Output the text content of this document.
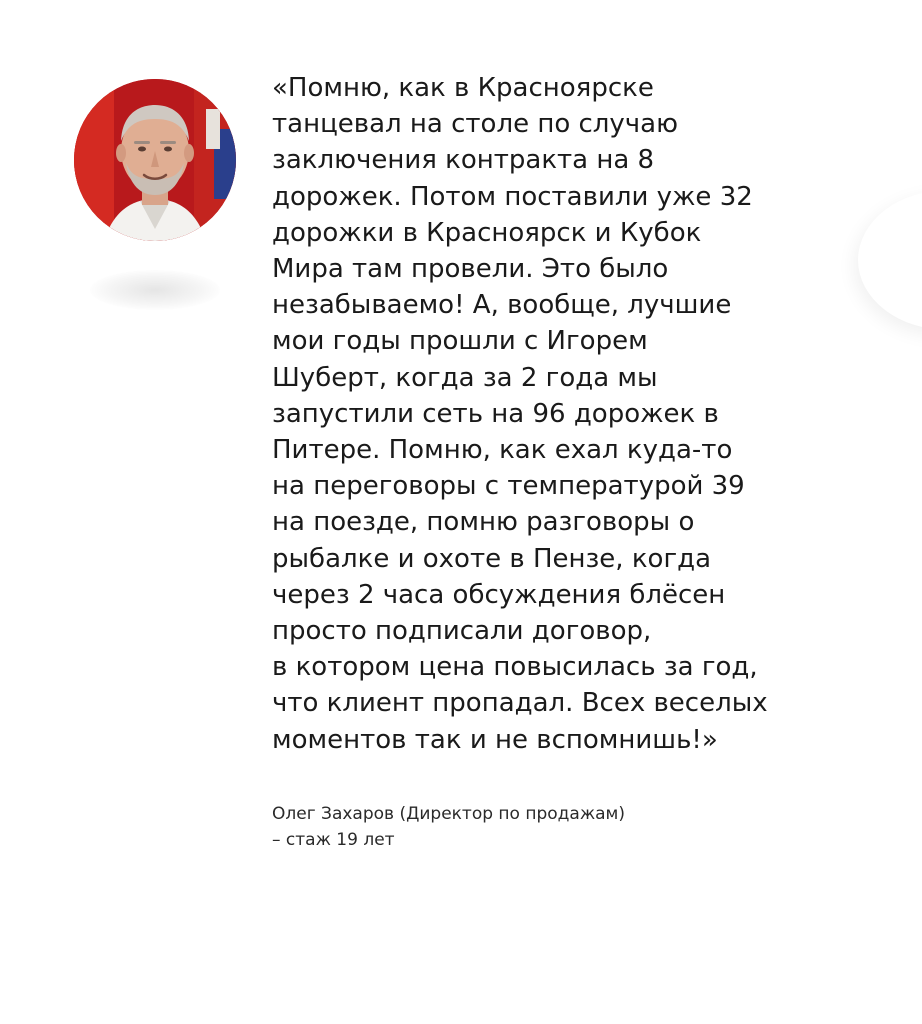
«Помню, как в Красноярске
танцевал на столе по случаю
заключения контракта на 8
дорожек. Потом поставили уже 32
дорожки в Красноярск и Кубок
Мира там провели. Это было
незабываемо! А, вообще, лучшие
мои годы прошли с Игорем
Шуберт, когда за 2 года мы
запустили сеть на 96 дорожек в
Питере. Помню, как ехал куда-то
на переговоры с температурой 39
на поезде, помню разговоры о
рыбалке и охоте в Пензе, когда
через 2 часа обсуждения блёсен
просто подписали договор,
в котором цена повысилась за год,
что клиент пропадал. Всех веселых
моментов так и не вспомнишь!»

Олег Захаров (Директор по продажам)
– стаж 19 лет
